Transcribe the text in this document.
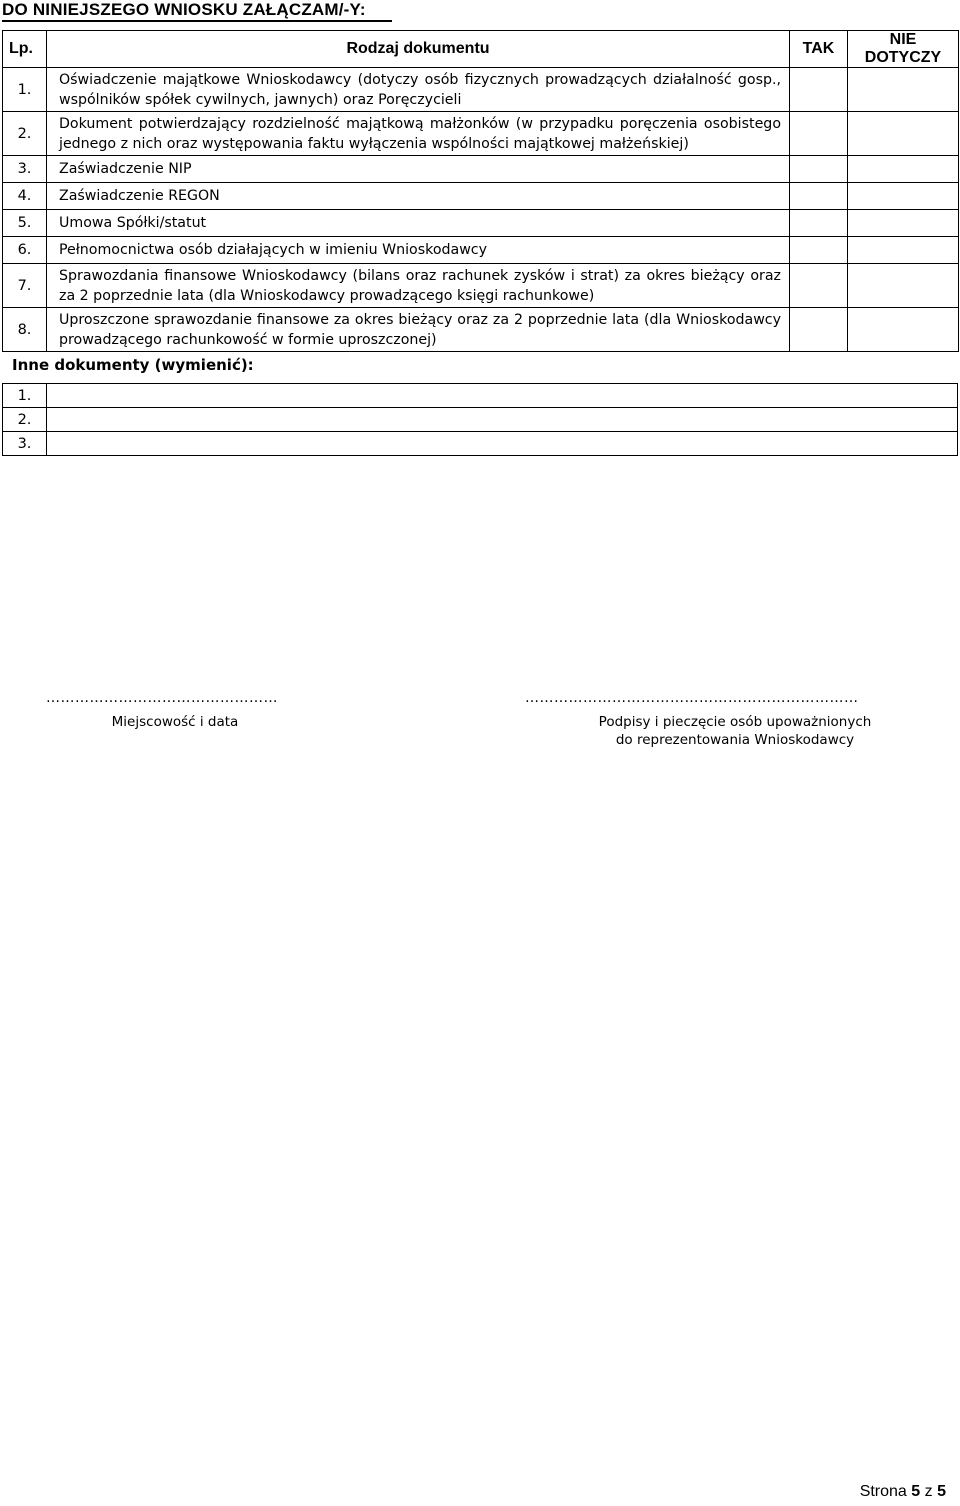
DO NINIEJSZEGO WNIOSKU ZAŁĄCZAM/-Y:
Lp.	Rodzaj dokumentu	TAK	NIE
DOTYCZY
1.	Oświadczenie majątkowe Wnioskodawcy (dotyczy osób fizycznych prowadzących działalność gosp., wspólników spółek cywilnych, jawnych) oraz Poręczycieli		
2.	Dokument potwierdzający rozdzielność majątkową małżonków (w przypadku poręczenia osobistego jednego z nich oraz występowania faktu wyłączenia wspólności majątkowej małżeńskiej)		
3.	Zaświadczenie NIP		
4.	Zaświadczenie REGON		
5.	Umowa Spółki/statut		
6.	Pełnomocnictwa osób działających w imieniu Wnioskodawcy		
7.	Sprawozdania finansowe Wnioskodawcy (bilans oraz rachunek zysków i strat) za okres bieżący oraz za 2 poprzednie lata (dla Wnioskodawcy prowadzącego księgi rachunkowe)		
8.	Uproszczone sprawozdanie finansowe za okres bieżący oraz za 2 poprzednie lata (dla Wnioskodawcy prowadzącego rachunkowość w formie uproszczonej)		
Inne dokumenty (wymienić):
1.	
2.	
3.	
…………………………………………
Miejscowość i data
……………………………………………………………
Podpisy i pieczęcie osób upoważnionych
do reprezentowania Wnioskodawcy
Strona 5 z 5
